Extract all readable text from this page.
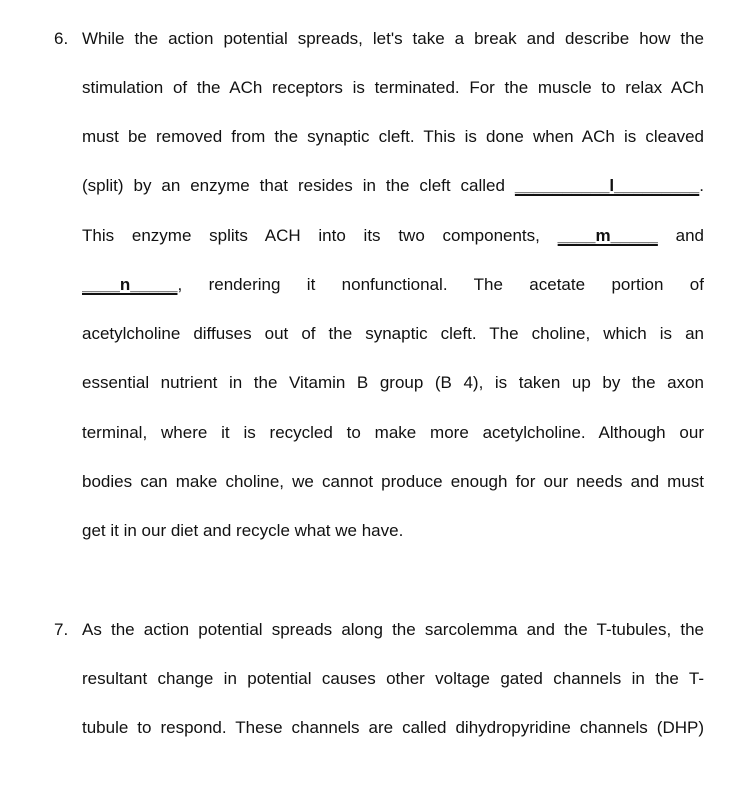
6. While the action potential spreads, let's take a break and describe how the
stimulation of the ACh receptors is terminated. For the muscle to relax ACh
must be removed from the synaptic cleft. This is done when ACh is cleaved
(split) by an enzyme that resides in the cleft called __________l_________.
This enzyme splits ACH into its two components, ____m_____ and
____n_____, rendering it nonfunctional. The acetate portion of
acetylcholine diffuses out of the synaptic cleft. The choline, which is an
essential nutrient in the Vitamin B group (B 4), is taken up by the axon
terminal, where it is recycled to make more acetylcholine. Although our
bodies can make choline, we cannot produce enough for our needs and must
get it in our diet and recycle what we have.
7. As the action potential spreads along the sarcolemma and the T-tubules, the
resultant change in potential causes other voltage gated channels in the T-
tubule to respond. These channels are called dihydropyridine channels (DHP)
